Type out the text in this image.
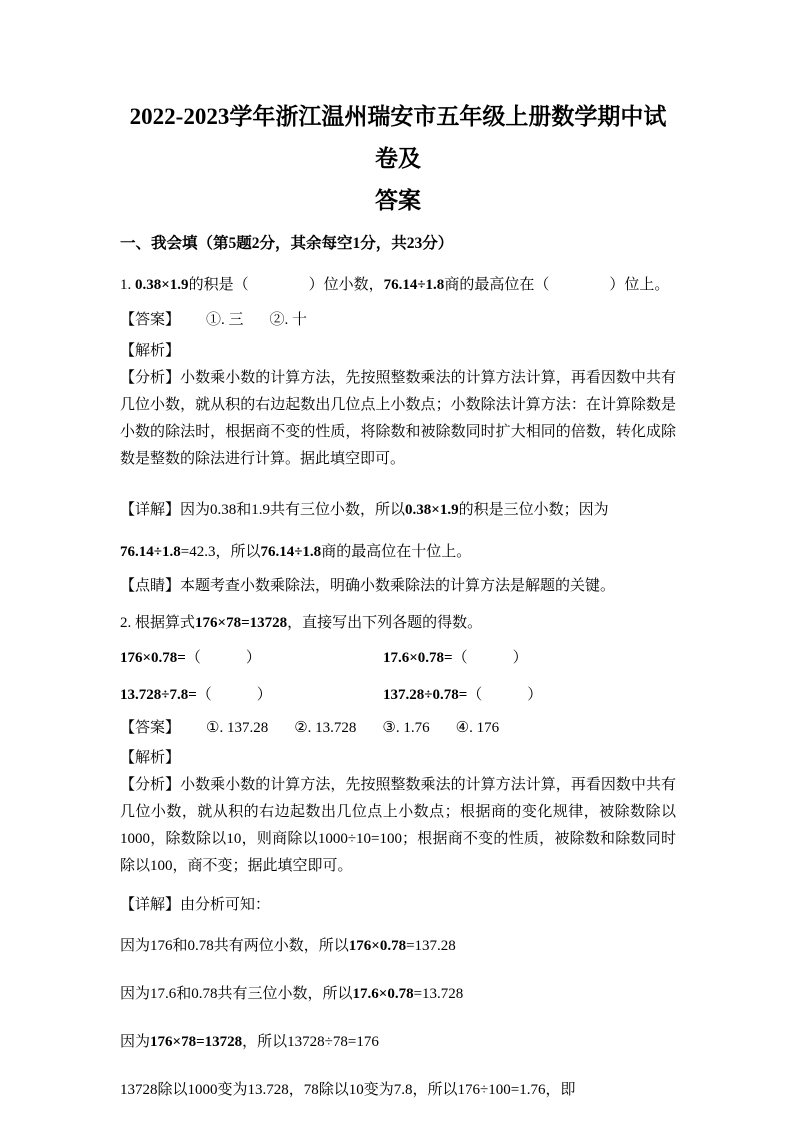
2022-2023学年浙江温州瑞安市五年级上册数学期中试卷及
答案
一、我会填（第5题2分，其余每空1分，共23分）

1. 0.38×1.9的积是（　　　　）位小数，76.14÷1.8商的最高位在（　　　　）位上。

【答案】 ①. 三 ②. 十

【解析】

【分析】小数乘小数的计算方法，先按照整数乘法的计算方法计算，再看因数中共有几位小数，就从积的右边起数出几位点上小数点；小数除法计算方法：在计算除数是小数的除法时，根据商不变的性质，将除数和被除数同时扩大相同的倍数，转化成除数是整数的除法进行计算。据此填空即可。

【详解】因为0.38和1.9共有三位小数，所以0.38×1.9的积是三位小数；因为

76.14÷1.8=42.3，所以76.14÷1.8商的最高位在十位上。

【点睛】本题考查小数乘除法，明确小数乘除法的计算方法是解题的关键。

2. 根据算式176×78=13728，直接写出下列各题的得数。

176×0.78=（　　　）	17.6×0.78=（　　　）

13.728÷7.8=（　　　）	137.28÷0.78=（　　　）

【答案】 ①. 137.28 ②. 13.728 ③. 1.76 ④. 176

【解析】

【分析】小数乘小数的计算方法，先按照整数乘法的计算方法计算，再看因数中共有几位小数，就从积的右边起数出几位点上小数点；根据商的变化规律，被除数除以1000，除数除以10，则商除以1000÷10=100；根据商不变的性质，被除数和除数同时除以100，商不变；据此填空即可。

【详解】由分析可知：

因为176和0.78共有两位小数，所以176×0.78=137.28

因为17.6和0.78共有三位小数，所以17.6×0.78=13.728

因为176×78=13728，所以13728÷78=176

13728除以1000变为13.728，78除以10变为7.8，所以176÷100=1.76，即
